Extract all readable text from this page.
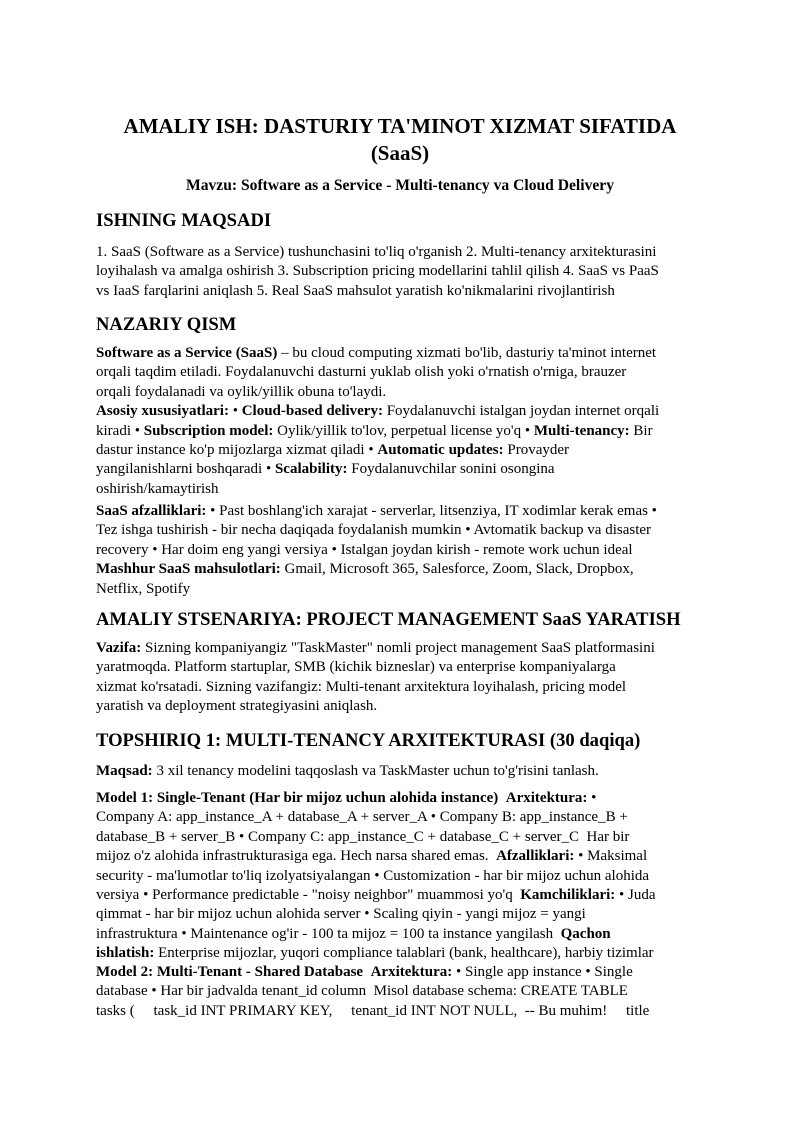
AMALIY ISH: DASTURIY TA'MINOT XIZMAT SIFATIDA
(SaaS)
Mavzu: Software as a Service - Multi-tenancy va Cloud Delivery
ISHNING MAQSADI
1. SaaS (Software as a Service) tushunchasini to'liq o'rganish 2. Multi-tenancy arxitekturasini
loyihalash va amalga oshirish 3. Subscription pricing modellarini tahlil qilish 4. SaaS vs PaaS
vs IaaS farqlarini aniqlash 5. Real SaaS mahsulot yaratish ko'nikmalarini rivojlantirish
NAZARIY QISM
Software as a Service (SaaS) – bu cloud computing xizmati bo'lib, dasturiy ta'minot internet
orqali taqdim etiladi. Foydalanuvchi dasturni yuklab olish yoki o'rnatish o'rniga, brauzer
orqali foydalanadi va oylik/yillik obuna to'laydi.
Asosiy xususiyatlari: • Cloud-based delivery: Foydalanuvchi istalgan joydan internet orqali
kiradi • Subscription model: Oylik/yillik to'lov, perpetual license yo'q • Multi-tenancy: Bir
dastur instance ko'p mijozlarga xizmat qiladi • Automatic updates: Provayder
yangilanishlarni boshqaradi • Scalability: Foydalanuvchilar sonini osongina
oshirish/kamaytirish
SaaS afzalliklari: • Past boshlang'ich xarajat - serverlar, litsenziya, IT xodimlar kerak emas •
Tez ishga tushirish - bir necha daqiqada foydalanish mumkin • Avtomatik backup va disaster
recovery • Har doim eng yangi versiya • Istalgan joydan kirish - remote work uchun ideal
Mashhur SaaS mahsulotlari: Gmail, Microsoft 365, Salesforce, Zoom, Slack, Dropbox,
Netflix, Spotify
AMALIY STSENARIYA: PROJECT MANAGEMENT SaaS YARATISH
Vazifa: Sizning kompaniyangiz "TaskMaster" nomli project management SaaS platformasini
yaratmoqda. Platform startuplar, SMB (kichik bizneslar) va enterprise kompaniyalarga
xizmat ko'rsatadi. Sizning vazifangiz: Multi-tenant arxitektura loyihalash, pricing model
yaratish va deployment strategiyasini aniqlash.
TOPSHIRIQ 1: MULTI-TENANCY ARXITEKTURASI (30 daqiqa)
Maqsad: 3 xil tenancy modelini taqqoslash va TaskMaster uchun to'g'risini tanlash.
Model 1: Single-Tenant (Har bir mijoz uchun alohida instance) Arxitektura: •
Company A: app_instance_A + database_A + server_A • Company B: app_instance_B +
database_B + server_B • Company C: app_instance_C + database_C + server_C  Har bir
mijoz o'z alohida infrastrukturasiga ega. Hech narsa shared emas.  Afzalliklari: • Maksimal
security - ma'lumotlar to'liq izolyatsiyalangan • Customization - har bir mijoz uchun alohida
versiya • Performance predictable - "noisy neighbor" muammosi yo'q  Kamchiliklari: • Juda
qimmat - har bir mijoz uchun alohida server • Scaling qiyin - yangi mijoz = yangi
infrastruktura • Maintenance og'ir - 100 ta mijoz = 100 ta instance yangilash  Qachon
ishlatish: Enterprise mijozlar, yuqori compliance talablari (bank, healthcare), harbiy tizimlar
Model 2: Multi-Tenant - Shared Database Arxitektura: • Single app instance • Single
database • Har bir jadvalda tenant_id column  Misol database schema: CREATE TABLE
tasks (     task_id INT PRIMARY KEY,     tenant_id INT NOT NULL,  -- Bu muhim!     title
